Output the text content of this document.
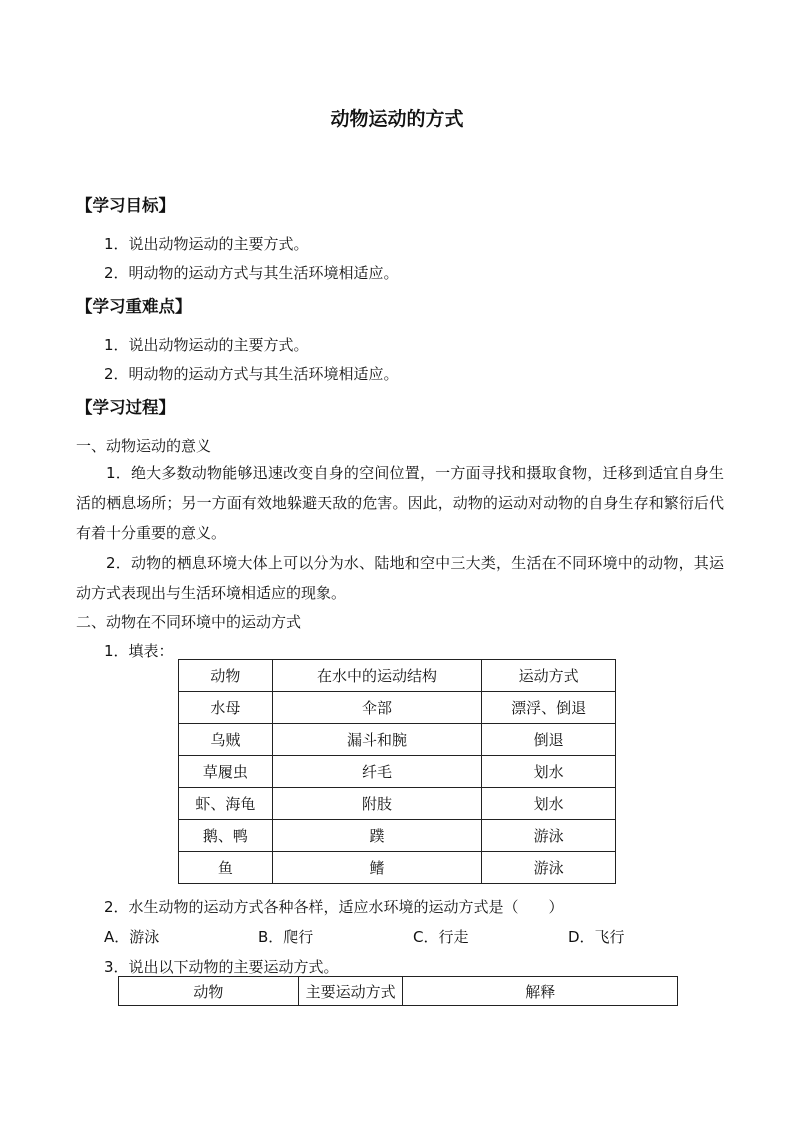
动物运动的方式
【学习目标】
1．说出动物运动的主要方式。
2．明动物的运动方式与其生活环境相适应。
【学习重难点】
1．说出动物运动的主要方式。
2．明动物的运动方式与其生活环境相适应。
【学习过程】
一、动物运动的意义
1．绝大多数动物能够迅速改变自身的空间位置，一方面寻找和摄取食物，迁移到适宜自身生活的栖息场所；另一方面有效地躲避天敌的危害。因此，动物的运动对动物的自身生存和繁衍后代有着十分重要的意义。
2．动物的栖息环境大体上可以分为水、陆地和空中三大类，生活在不同环境中的动物，其运动方式表现出与生活环境相适应的现象。
二、动物在不同环境中的运动方式
1．填表：
动物	在水中的运动结构	运动方式
水母	伞部	漂浮、倒退
乌贼	漏斗和腕	倒退
草履虫	纤毛	划水
虾、海龟	附肢	划水
鹅、鸭	蹼	游泳
鱼	鳍	游泳
2．水生动物的运动方式各种各样，适应水环境的运动方式是（　　）
A．游泳	B．爬行	C．行走	D．飞行
3．说出以下动物的主要运动方式。
动物	主要运动方式	解释
